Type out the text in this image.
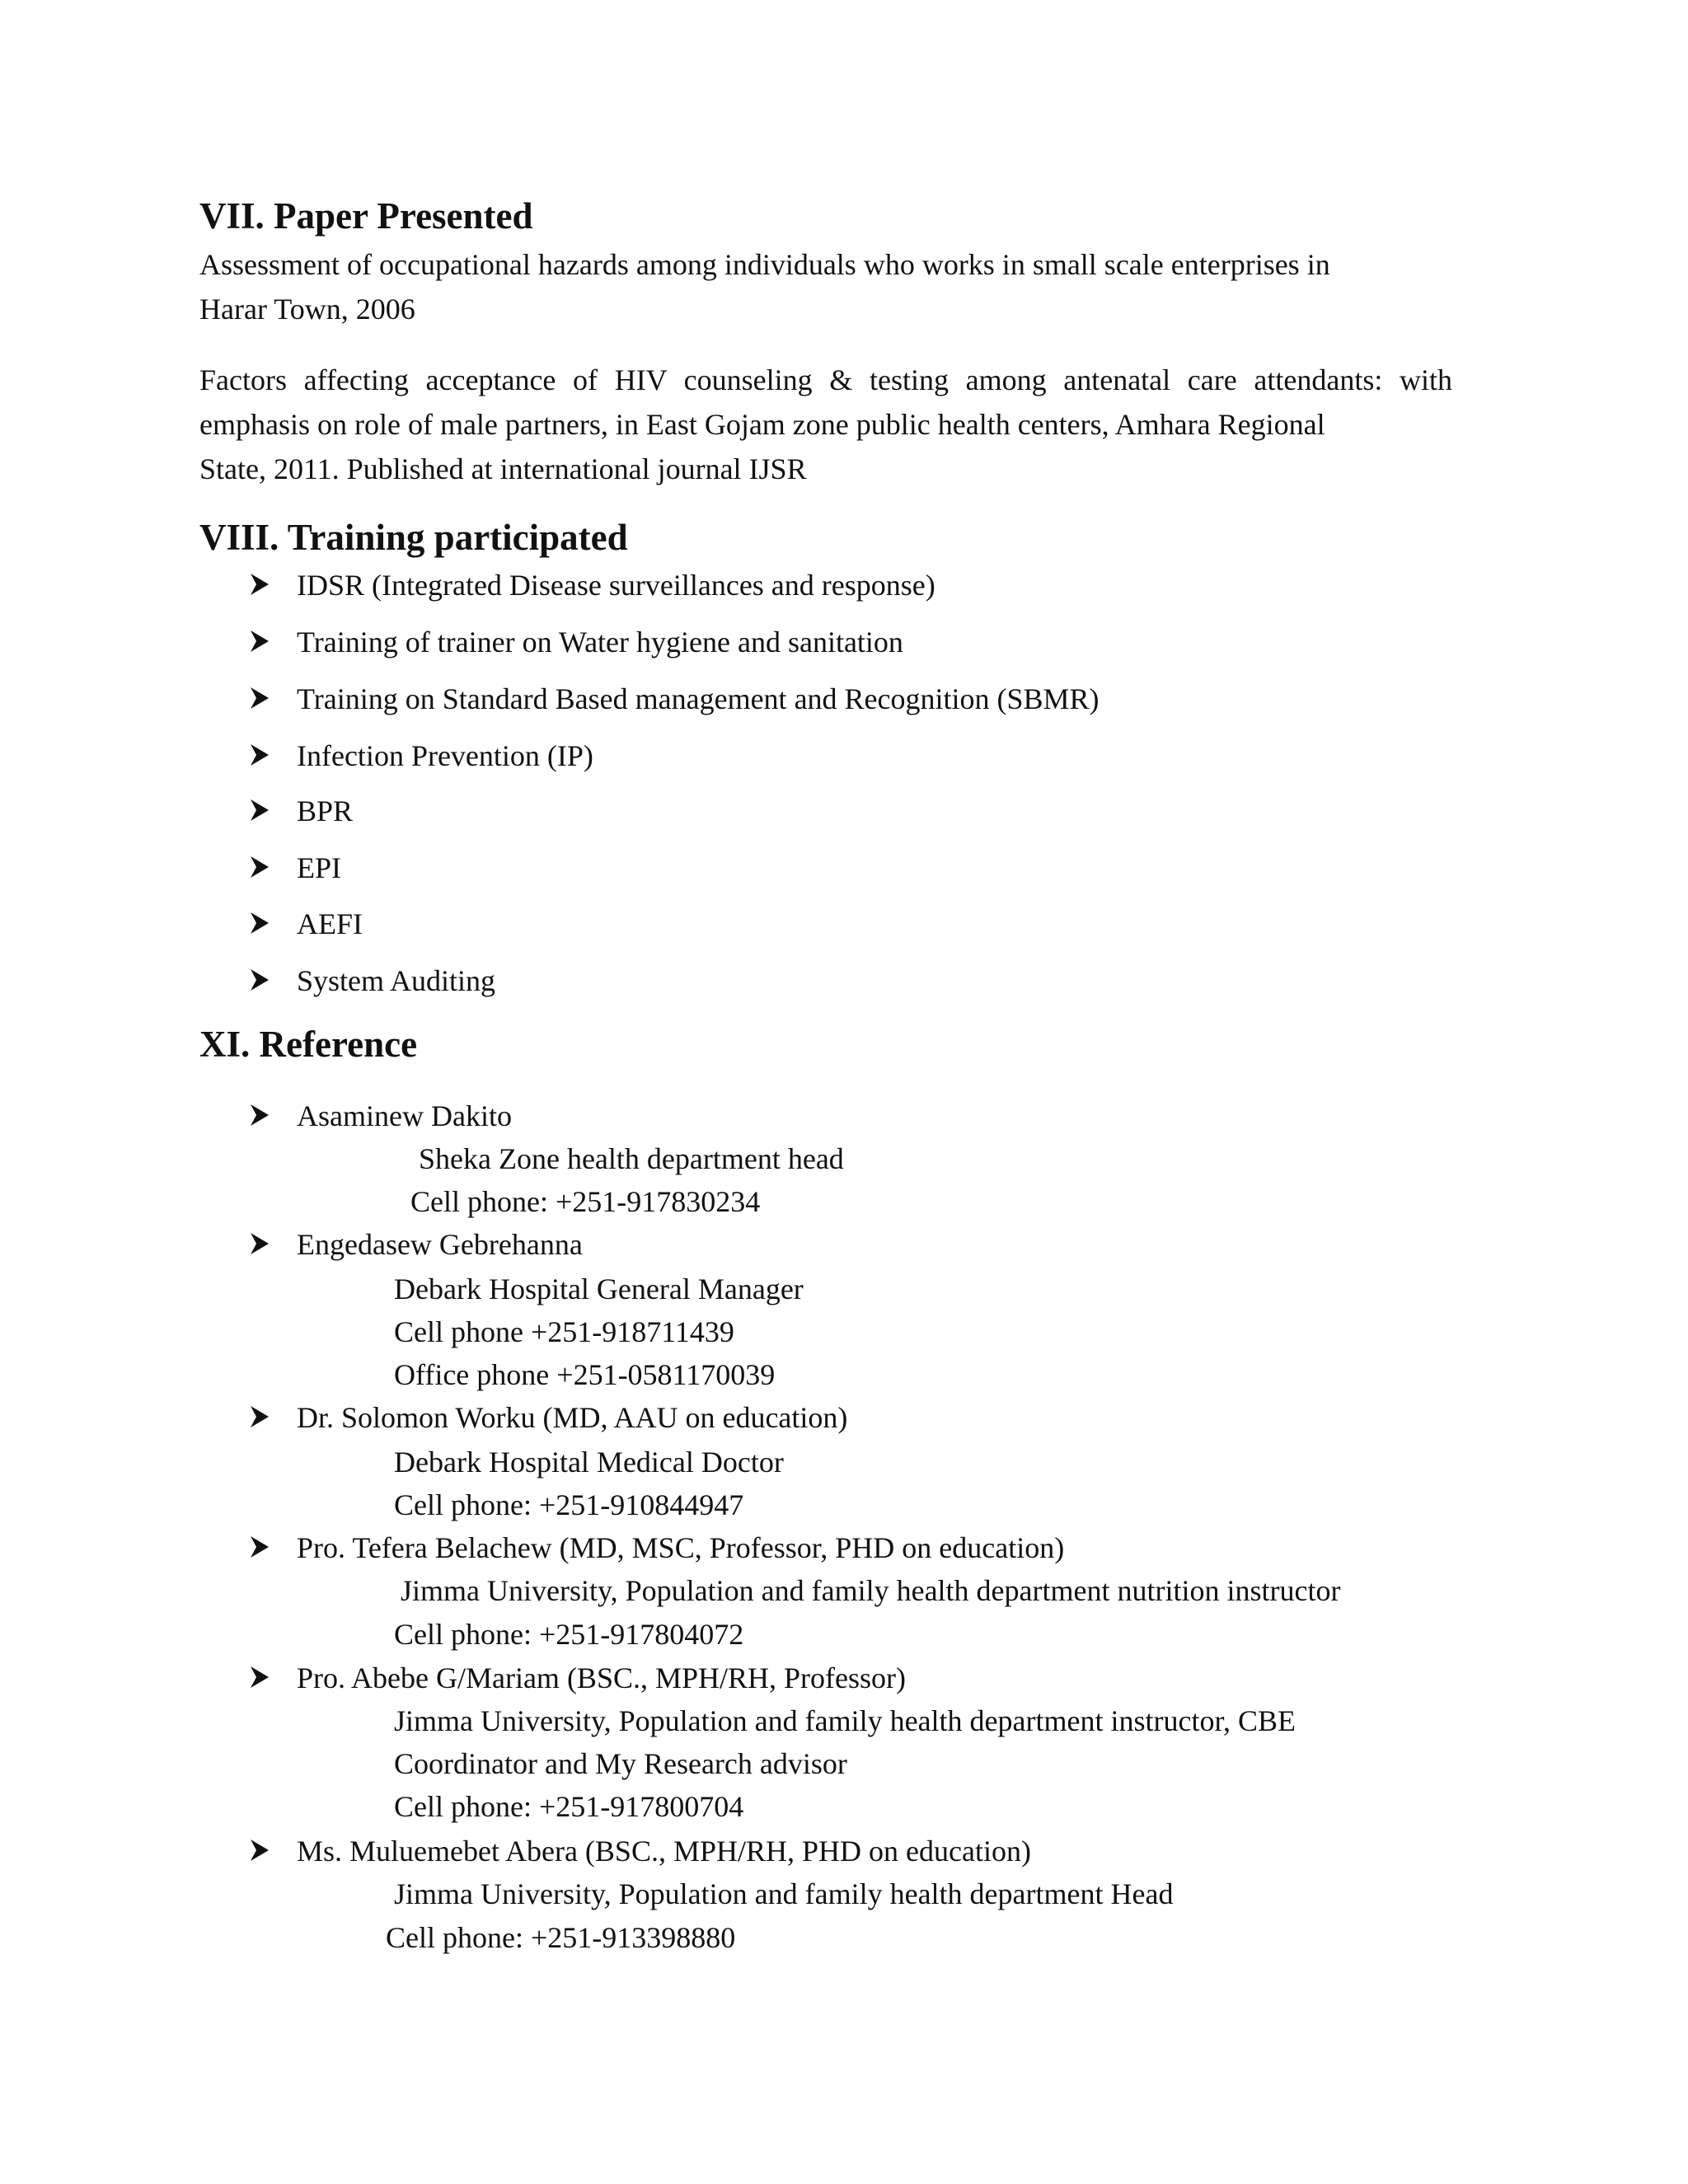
VII. Paper Presented

Assessment of occupational hazards among individuals who works in small scale enterprises in
Harar Town, 2006

Factors affecting acceptance of HIV counseling & testing among antenatal care attendants: with emphasis on role of male partners, in East Gojam zone public health centers, Amhara Regional
State, 2011. Published at international journal IJSR

VIII. Training participated
IDSR (Integrated Disease surveillances and response)
Training of trainer on Water hygiene and sanitation
Training on Standard Based management and Recognition (SBMR)
Infection Prevention (IP)
BPR
EPI
AEFI
System Auditing
XI. Reference
Asaminew Dakito
Sheka Zone health department head
Cell phone: +251-917830234
Engedasew Gebrehanna
Debark Hospital General Manager
Cell phone +251-918711439
Office phone +251-0581170039
Dr. Solomon Worku (MD, AAU on education)
Debark Hospital Medical Doctor
Cell phone: +251-910844947
Pro. Tefera Belachew (MD, MSC, Professor, PHD on education)
Jimma University, Population and family health department nutrition instructor
Cell phone: +251-917804072
Pro. Abebe G/Mariam (BSC., MPH/RH, Professor)
Jimma University, Population and family health department instructor, CBE
Coordinator and My Research advisor
Cell phone: +251-917800704
Ms. Muluemebet Abera (BSC., MPH/RH, PHD on education)
Jimma University, Population and family health department Head
Cell phone: +251-913398880
